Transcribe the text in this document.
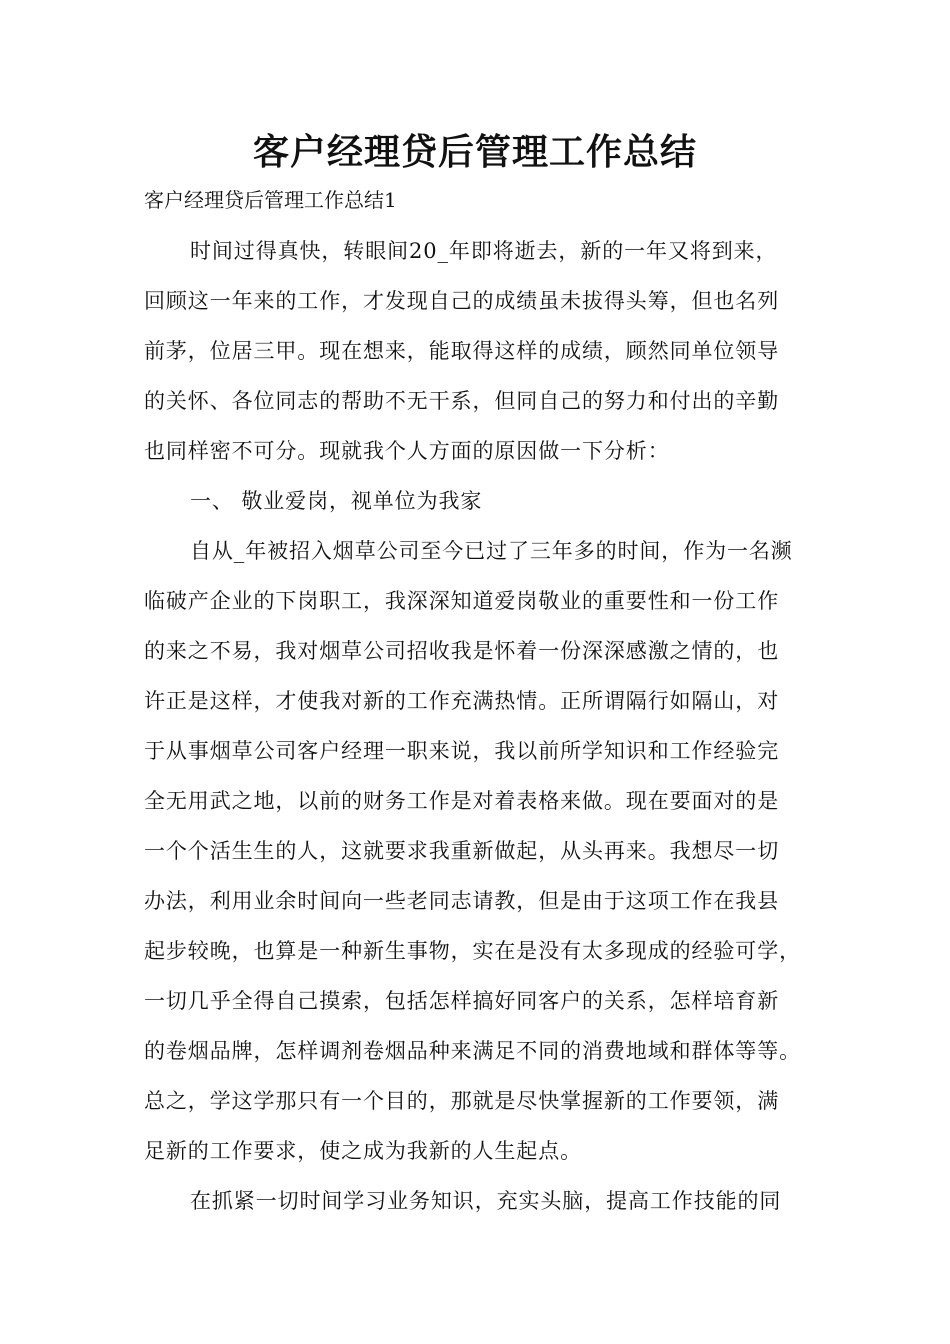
客户经理贷后管理工作总结
客户经理贷后管理工作总结1
时间过得真快，转眼间20_年即将逝去，新的一年又将到来，
回顾这一年来的工作，才发现自己的成绩虽未拔得头筹，但也名列
前茅，位居三甲。现在想来，能取得这样的成绩，顾然同单位领导
的关怀、各位同志的帮助不无干系，但同自己的努力和付出的辛勤
也同样密不可分。现就我个人方面的原因做一下分析：
一、 敬业爱岗，视单位为我家
自从_年被招入烟草公司至今已过了三年多的时间，作为一名濒
临破产企业的下岗职工，我深深知道爱岗敬业的重要性和一份工作
的来之不易，我对烟草公司招收我是怀着一份深深感激之情的，也
许正是这样，才使我对新的工作充满热情。正所谓隔行如隔山，对
于从事烟草公司客户经理一职来说，我以前所学知识和工作经验完
全无用武之地，以前的财务工作是对着表格来做。现在要面对的是
一个个活生生的人，这就要求我重新做起，从头再来。我想尽一切
办法，利用业余时间向一些老同志请教，但是由于这项工作在我县
起步较晚，也算是一种新生事物，实在是没有太多现成的经验可学，
一切几乎全得自己摸索，包括怎样搞好同客户的关系，怎样培育新
的卷烟品牌，怎样调剂卷烟品种来满足不同的消费地域和群体等等。
总之，学这学那只有一个目的，那就是尽快掌握新的工作要领，满
足新的工作要求，使之成为我新的人生起点。
在抓紧一切时间学习业务知识，充实头脑，提高工作技能的同
